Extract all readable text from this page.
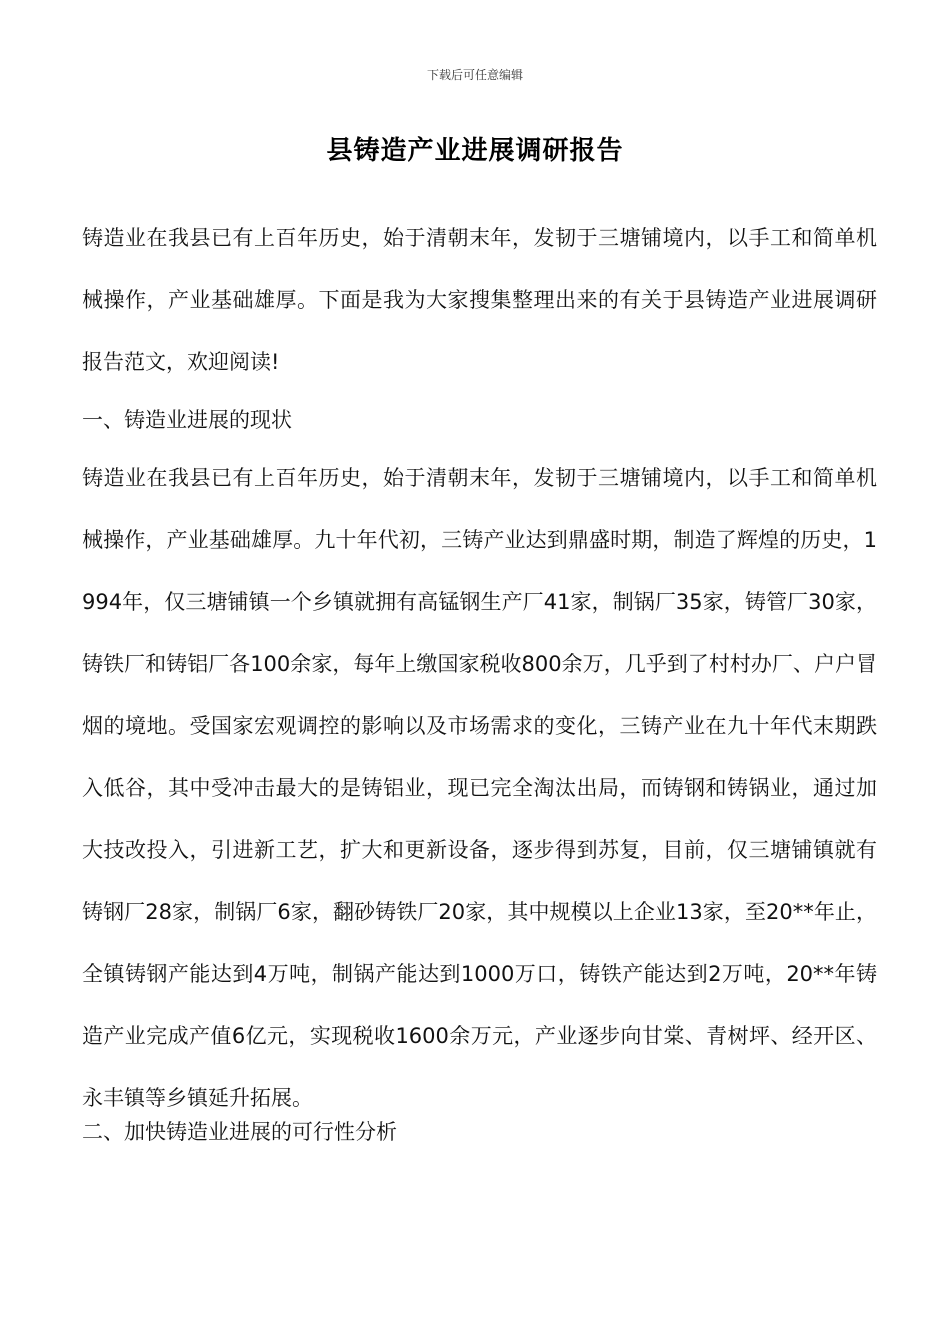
下载后可任意编辑
县铸造产业进展调研报告

铸造业在我县已有上百年历史，始于清朝末年，发韧于三塘铺境内，以手工和简单机械操作，产业基础雄厚。下面是我为大家搜集整理出来的有关于县铸造产业进展调研报告范文，欢迎阅读!

一、铸造业进展的现状

铸造业在我县已有上百年历史，始于清朝末年，发韧于三塘铺境内，以手工和简单机械操作，产业基础雄厚。九十年代初，三铸产业达到鼎盛时期，制造了辉煌的历史，1994年，仅三塘铺镇一个乡镇就拥有高锰钢生产厂41家，制锅厂35家，铸管厂30家，铸铁厂和铸铝厂各100余家，每年上缴国家税收800余万，几乎到了村村办厂、户户冒烟的境地。受国家宏观调控的影响以及市场需求的变化，三铸产业在九十年代末期跌入低谷，其中受冲击最大的是铸铝业，现已完全淘汰出局，而铸钢和铸锅业，通过加大技改投入，引进新工艺，扩大和更新设备，逐步得到苏复，目前，仅三塘铺镇就有铸钢厂28家，制锅厂6家，翻砂铸铁厂20家，其中规模以上企业13家，至20**年止，全镇铸钢产能达到4万吨，制锅产能达到1000万口，铸铁产能达到2万吨，20**年铸造产业完成产值6亿元，实现税收1600余万元，产业逐步向甘棠、青树坪、经开区、永丰镇等乡镇延升拓展。

二、加快铸造业进展的可行性分析
